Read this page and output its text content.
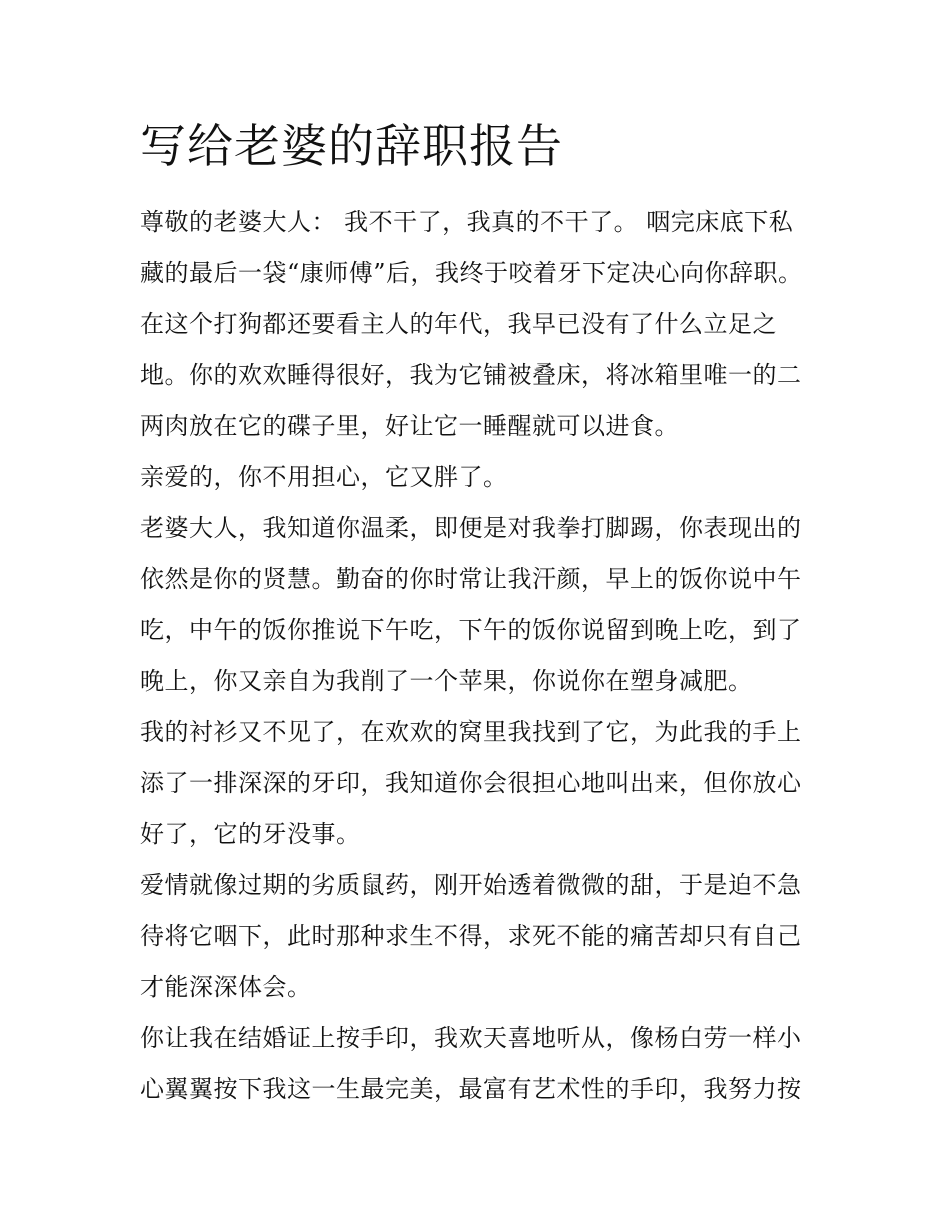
写给老婆的辞职报告

尊敬的老婆大人： 我不干了，我真的不干了。 咽完床底下私

藏的最后一袋“康师傅”后，我终于咬着牙下定决心向你辞职。

在这个打狗都还要看主人的年代，我早已没有了什么立足之

地。你的欢欢睡得很好，我为它铺被叠床，将冰箱里唯一的二

两肉放在它的碟子里，好让它一睡醒就可以进食。

亲爱的，你不用担心，它又胖了。

老婆大人，我知道你温柔，即便是对我拳打脚踢，你表现出的

依然是你的贤慧。勤奋的你时常让我汗颜，早上的饭你说中午

吃，中午的饭你推说下午吃，下午的饭你说留到晚上吃，到了

晚上，你又亲自为我削了一个苹果，你说你在塑身减肥。

我的衬衫又不见了，在欢欢的窝里我找到了它，为此我的手上

添了一排深深的牙印，我知道你会很担心地叫出来，但你放心

好了，它的牙没事。

爱情就像过期的劣质鼠药，刚开始透着微微的甜，于是迫不急

待将它咽下，此时那种求生不得，求死不能的痛苦却只有自己

才能深深体会。

你让我在结婚证上按手印，我欢天喜地听从，像杨白劳一样小

心翼翼按下我这一生最完美，最富有艺术性的手印，我努力按
